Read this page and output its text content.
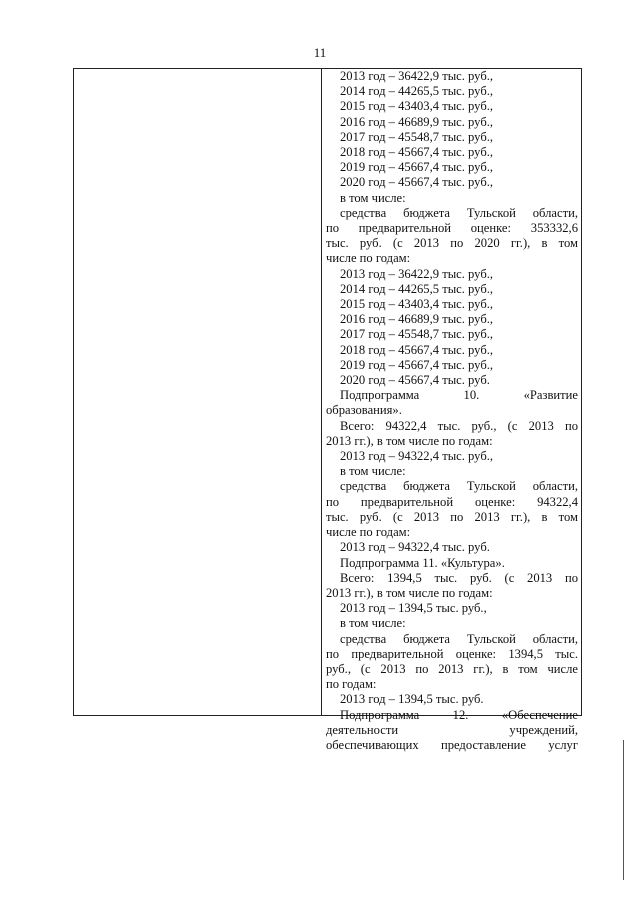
11
2013 год – 36422,9 тыс. руб.,
2014 год – 44265,5 тыс. руб.,
2015 год – 43403,4 тыс. руб.,
2016 год – 46689,9 тыс. руб.,
2017 год – 45548,7 тыс. руб.,
2018 год – 45667,4 тыс. руб.,
2019 год – 45667,4 тыс. руб.,
2020 год – 45667,4 тыс. руб.,
в том числе:
средства бюджета Тульской области,
по предварительной оценке: 353332,6
тыс. руб. (с 2013 по 2020 гг.), в том
числе по годам:
2013 год – 36422,9 тыс. руб.,
2014 год – 44265,5 тыс. руб.,
2015 год – 43403,4 тыс. руб.,
2016 год – 46689,9 тыс. руб.,
2017 год – 45548,7 тыс. руб.,
2018 год – 45667,4 тыс. руб.,
2019 год – 45667,4 тыс. руб.,
2020 год – 45667,4 тыс. руб.
Подпрограмма 10. «Развитие
образования».
Всего: 94322,4 тыс. руб., (с 2013 по
2013 гг.), в том числе по годам:
2013 год – 94322,4 тыс. руб.,
в том числе:
средства бюджета Тульской области,
по предварительной оценке: 94322,4
тыс. руб. (с 2013 по 2013 гг.), в том
числе по годам:
2013 год – 94322,4 тыс. руб.
Подпрограмма 11. «Культура».
Всего: 1394,5 тыс. руб. (с 2013 по
2013 гг.), в том числе по годам:
2013 год – 1394,5 тыс. руб.,
в том числе:
средства бюджета Тульской области,
по предварительной оценке: 1394,5 тыс.
руб., (с 2013 по 2013 гг.), в том числе
по годам:
2013 год – 1394,5 тыс. руб.
Подпрограмма 12. «Обеспечение
деятельности учреждений,
обеспечивающих предоставление услуг
